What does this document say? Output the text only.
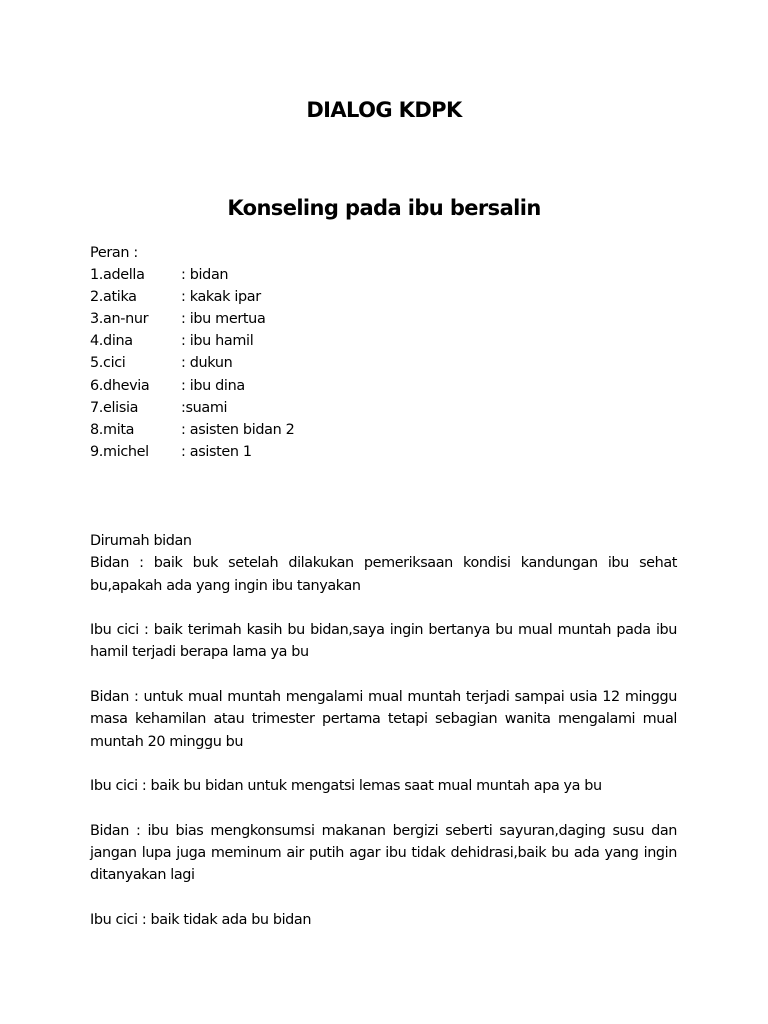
DIALOG KDPK
Konseling pada ibu bersalin
Peran :
1.adella	: bidan
2.atika	: kakak ipar
3.an-nur	: ibu mertua
4.dina	: ibu hamil
5.cici	: dukun
6.dhevia	: ibu dina
7.elisia	:suami
8.mita	: asisten bidan 2
9.michel	: asisten 1

Dirumah bidan

Bidan : baik buk setelah dilakukan pemeriksaan kondisi kandungan ibu sehat bu,apakah ada yang ingin ibu tanyakan

Ibu cici : baik terimah kasih bu bidan,saya ingin bertanya bu mual muntah pada ibu hamil terjadi berapa lama ya bu

Bidan : untuk mual muntah mengalami mual muntah terjadi sampai usia 12 minggu masa kehamilan atau trimester pertama tetapi sebagian wanita mengalami mual muntah 20 minggu bu

Ibu cici : baik bu bidan untuk mengatsi lemas saat mual muntah apa ya bu

Bidan : ibu bias mengkonsumsi makanan bergizi seberti sayuran,daging susu dan jangan lupa juga meminum air putih agar ibu tidak dehidrasi,baik bu ada yang ingin ditanyakan lagi

Ibu cici : baik tidak ada bu bidan
